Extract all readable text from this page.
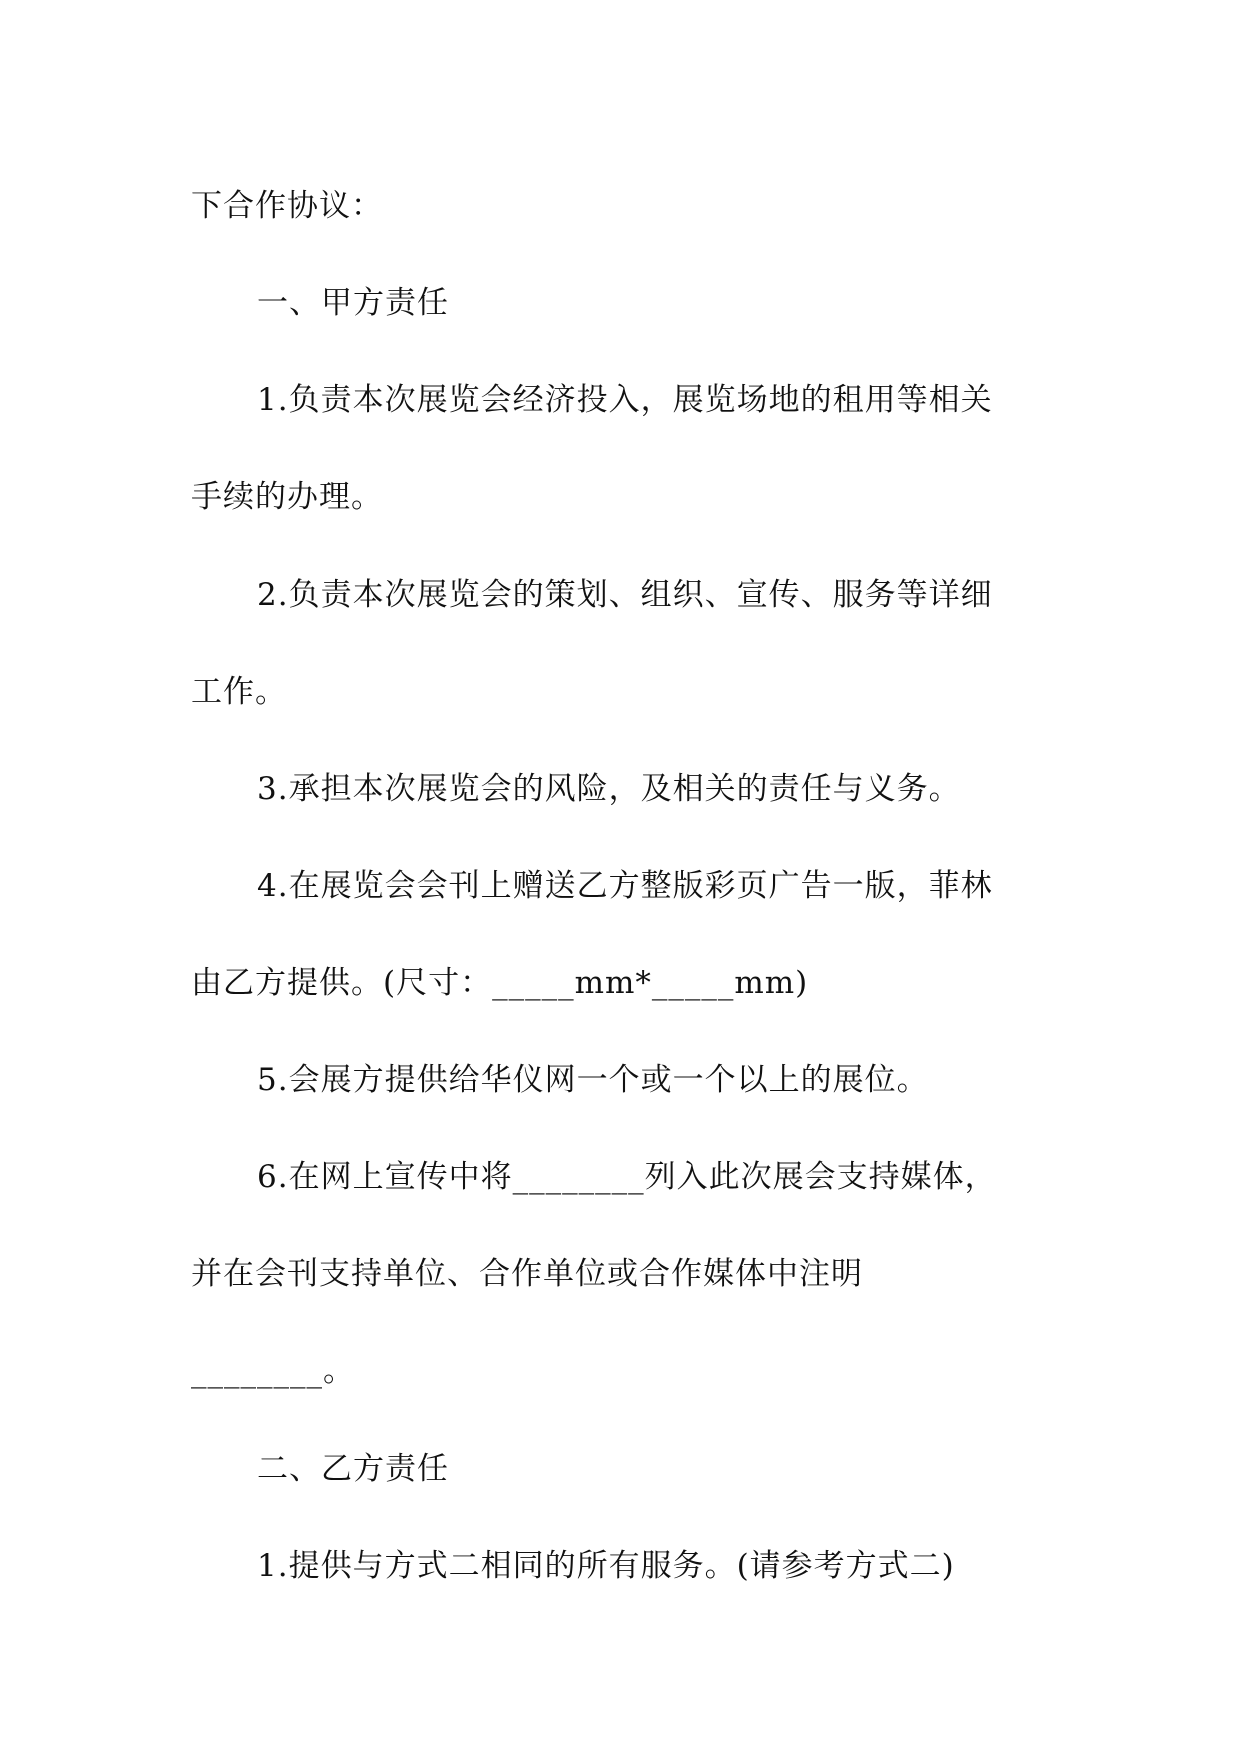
下合作协议：
一、甲方责任
1.负责本次展览会经济投入，展览场地的租用等相关
手续的办理。
2.负责本次展览会的策划、组织、宣传、服务等详细
工作。
3.承担本次展览会的风险，及相关的责任与义务。
4.在展览会会刊上赠送乙方整版彩页广告一版，菲林
由乙方提供。(尺寸：_____mm*_____mm)
5.会展方提供给华仪网一个或一个以上的展位。
6.在网上宣传中将________列入此次展会支持媒体，
并在会刊支持单位、合作单位或合作媒体中注明
________。
二、乙方责任
1.提供与方式二相同的所有服务。(请参考方式二)
